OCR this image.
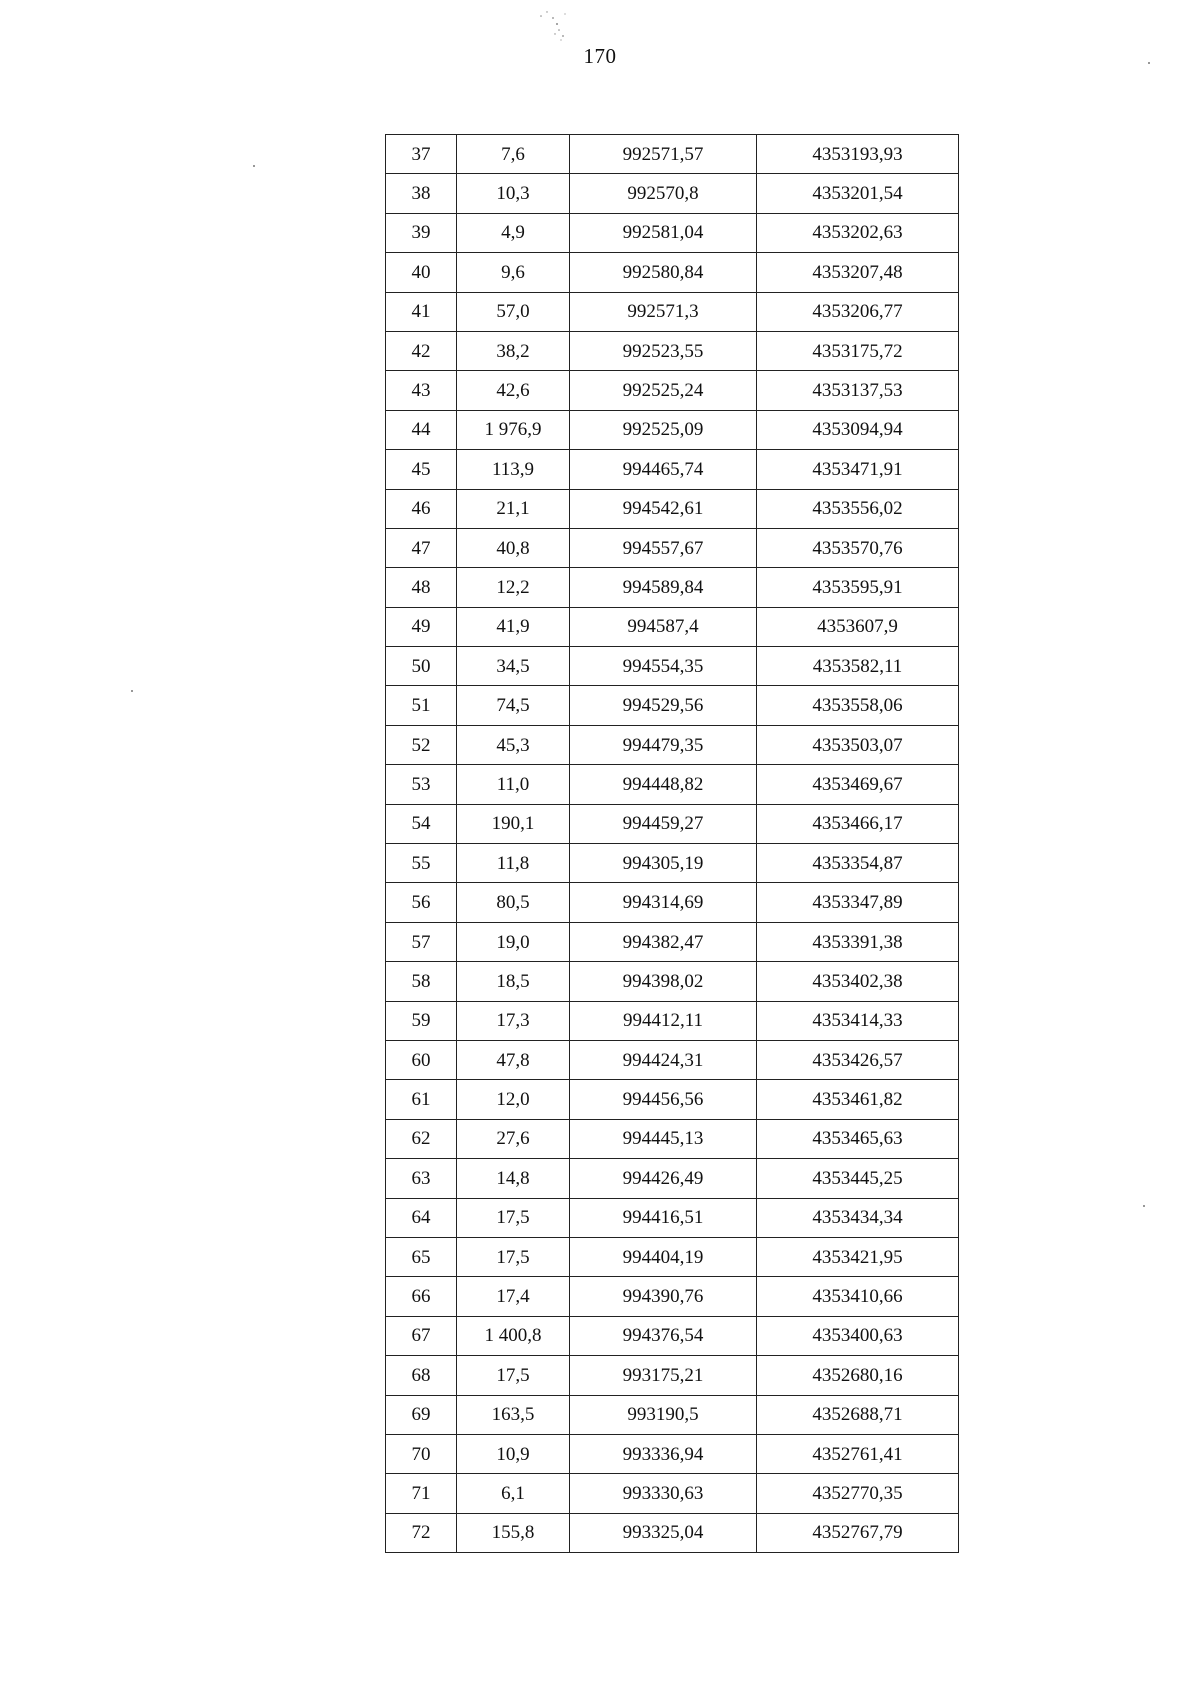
170
37	7,6	992571,57	4353193,93
38	10,3	992570,8	4353201,54
39	4,9	992581,04	4353202,63
40	9,6	992580,84	4353207,48
41	57,0	992571,3	4353206,77
42	38,2	992523,55	4353175,72
43	42,6	992525,24	4353137,53
44	1 976,9	992525,09	4353094,94
45	113,9	994465,74	4353471,91
46	21,1	994542,61	4353556,02
47	40,8	994557,67	4353570,76
48	12,2	994589,84	4353595,91
49	41,9	994587,4	4353607,9
50	34,5	994554,35	4353582,11
51	74,5	994529,56	4353558,06
52	45,3	994479,35	4353503,07
53	11,0	994448,82	4353469,67
54	190,1	994459,27	4353466,17
55	11,8	994305,19	4353354,87
56	80,5	994314,69	4353347,89
57	19,0	994382,47	4353391,38
58	18,5	994398,02	4353402,38
59	17,3	994412,11	4353414,33
60	47,8	994424,31	4353426,57
61	12,0	994456,56	4353461,82
62	27,6	994445,13	4353465,63
63	14,8	994426,49	4353445,25
64	17,5	994416,51	4353434,34
65	17,5	994404,19	4353421,95
66	17,4	994390,76	4353410,66
67	1 400,8	994376,54	4353400,63
68	17,5	993175,21	4352680,16
69	163,5	993190,5	4352688,71
70	10,9	993336,94	4352761,41
71	6,1	993330,63	4352770,35
72	155,8	993325,04	4352767,79
